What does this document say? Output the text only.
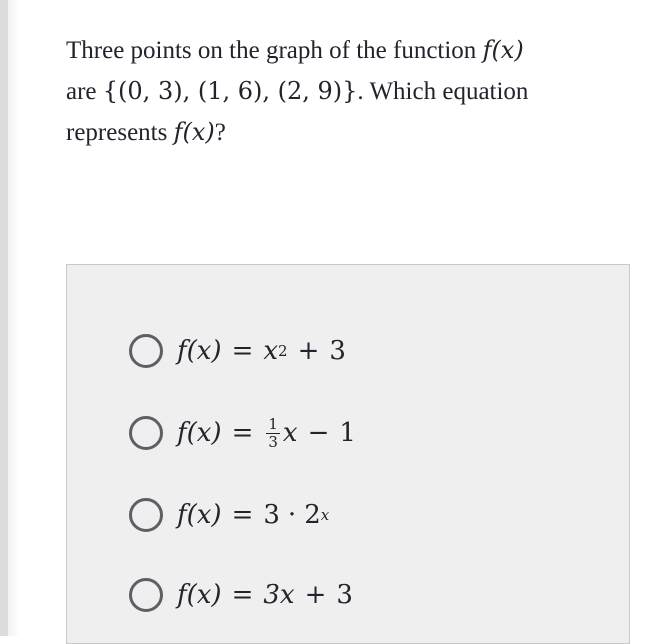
Three points on the graph of the function f(x)
are {(0, 3), (1, 6), (2, 9)}. Which equation
represents f(x)?
f(x) = x 2 + 3
$f(x) = \frac{1}{3}$ x − 1
f(x) = 3 · 2 x
f(x) = 3x + 3
